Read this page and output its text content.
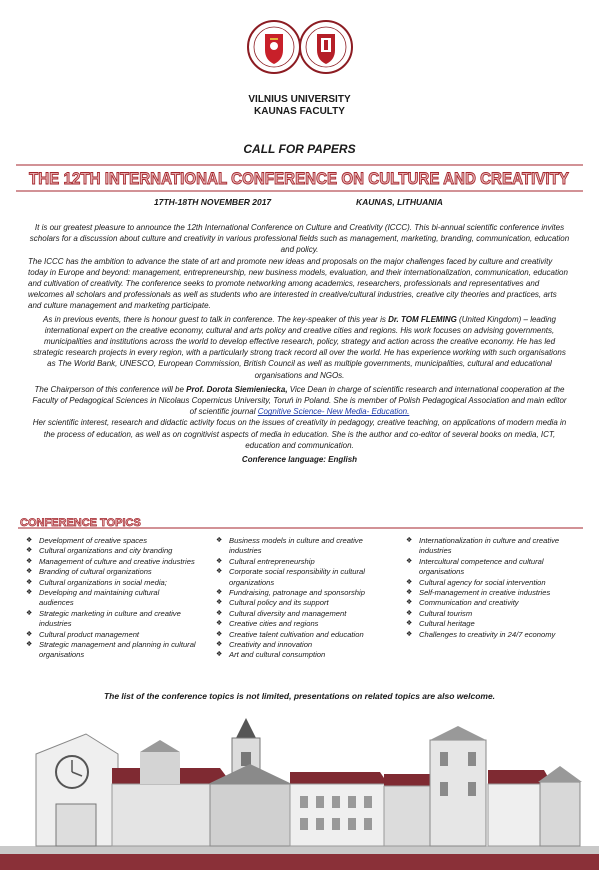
VILNIUS UNIVERSITY
KAUNAS FACULTY
CALL FOR PAPERS
THE 12TH INTERNATIONAL CONFERENCE ON CULTURE AND CREATIVITY
17TH-18TH NOVEMBER 2017	KAUNAS, LITHUANIA

It is our greatest pleasure to announce the 12th International Conference on Culture and Creativity (ICCC). This bi-annual scientific conference invites scholars for a discussion about culture and creativity in various professional fields such as management, marketing, branding, communication, education and policy.

The ICCC has the ambition to advance the state of art and promote new ideas and proposals on the major challenges faced by culture and creativity today in Europe and beyond: management, entrepreneurship, new business models, evaluation, and their internationalization, communication, education and cultivation of creativity. The conference seeks to promote networking among academics, researchers, professionals and representatives and welcomes all scholars and professionals as well as students who are interested in creative/cultural industries, creative city theories and practices, arts and culture management and marketing participate.

As in previous events, there is honour guest to talk in conference. The key-speaker of this year is Dr. TOM FLEMING (United Kingdom) – leading international expert on the creative economy, cultural and arts policy and creative cities and regions. His work focuses on advising governments, municipalities and institutions across the world to develop effective research, policy, strategy and action across the creative economy. He has led strategic research projects in every region, with a particularly strong track record all over the world. He has experience working with such organisations as The World Bank, UNESCO, European Commission, British Council as well as multiple governments, municipalities, cultural and educational organisations and NGOs.

The Chairperson of this conference will be Prof. Dorota Siemieniecka, Vice Dean in charge of scientific research and international cooperation at the Faculty of Pedagogical Sciences in Nicolaus Copernicus University, Toruń in Poland. She is member of Polish Pedagogical Association and main editor of scientific journal Cognitive Science- New Media- Education.

Her scientific interest, research and didactic activity focus on the issues of creativity in pedagogy, creative teaching, on applications of modern media in the process of education, as well as on cognitivist aspects of media in education. She is the author and co-editor of several books on media, ICT, education and communication.

Conference language: English

CONFERENCE TOPICS
❖ Development of creative spaces
❖ Cultural organizations and city branding
❖ Management of culture and creative industries
❖ Branding of cultural organizations
❖ Cultural organizations in social media;
❖ Developing and maintaining cultural audiences
❖ Strategic marketing in culture and creative industries
❖ Cultural product management
❖ Strategic management and planning in cultural organisations
❖ Business models in culture and creative industries
❖ Cultural entrepreneurship
❖ Corporate social responsibility in cultural organizations
❖ Fundraising, patronage and sponsorship
❖ Cultural policy and its support
❖ Cultural diversity and management
❖ Creative cities and regions
❖ Creative talent cultivation and education
❖ Creativity and innovation
❖ Art and cultural consumption
❖ Internationalization in culture and creative industries
❖ Intercultural competence and cultural organisations
❖ Cultural agency for social intervention
❖ Self-management in creative industries
❖ Communication and creativity
❖ Cultural tourism
❖ Cultural heritage
❖ Challenges to creativity in 24/7 economy
The list of the conference topics is not limited, presentations on related topics are also welcome.
